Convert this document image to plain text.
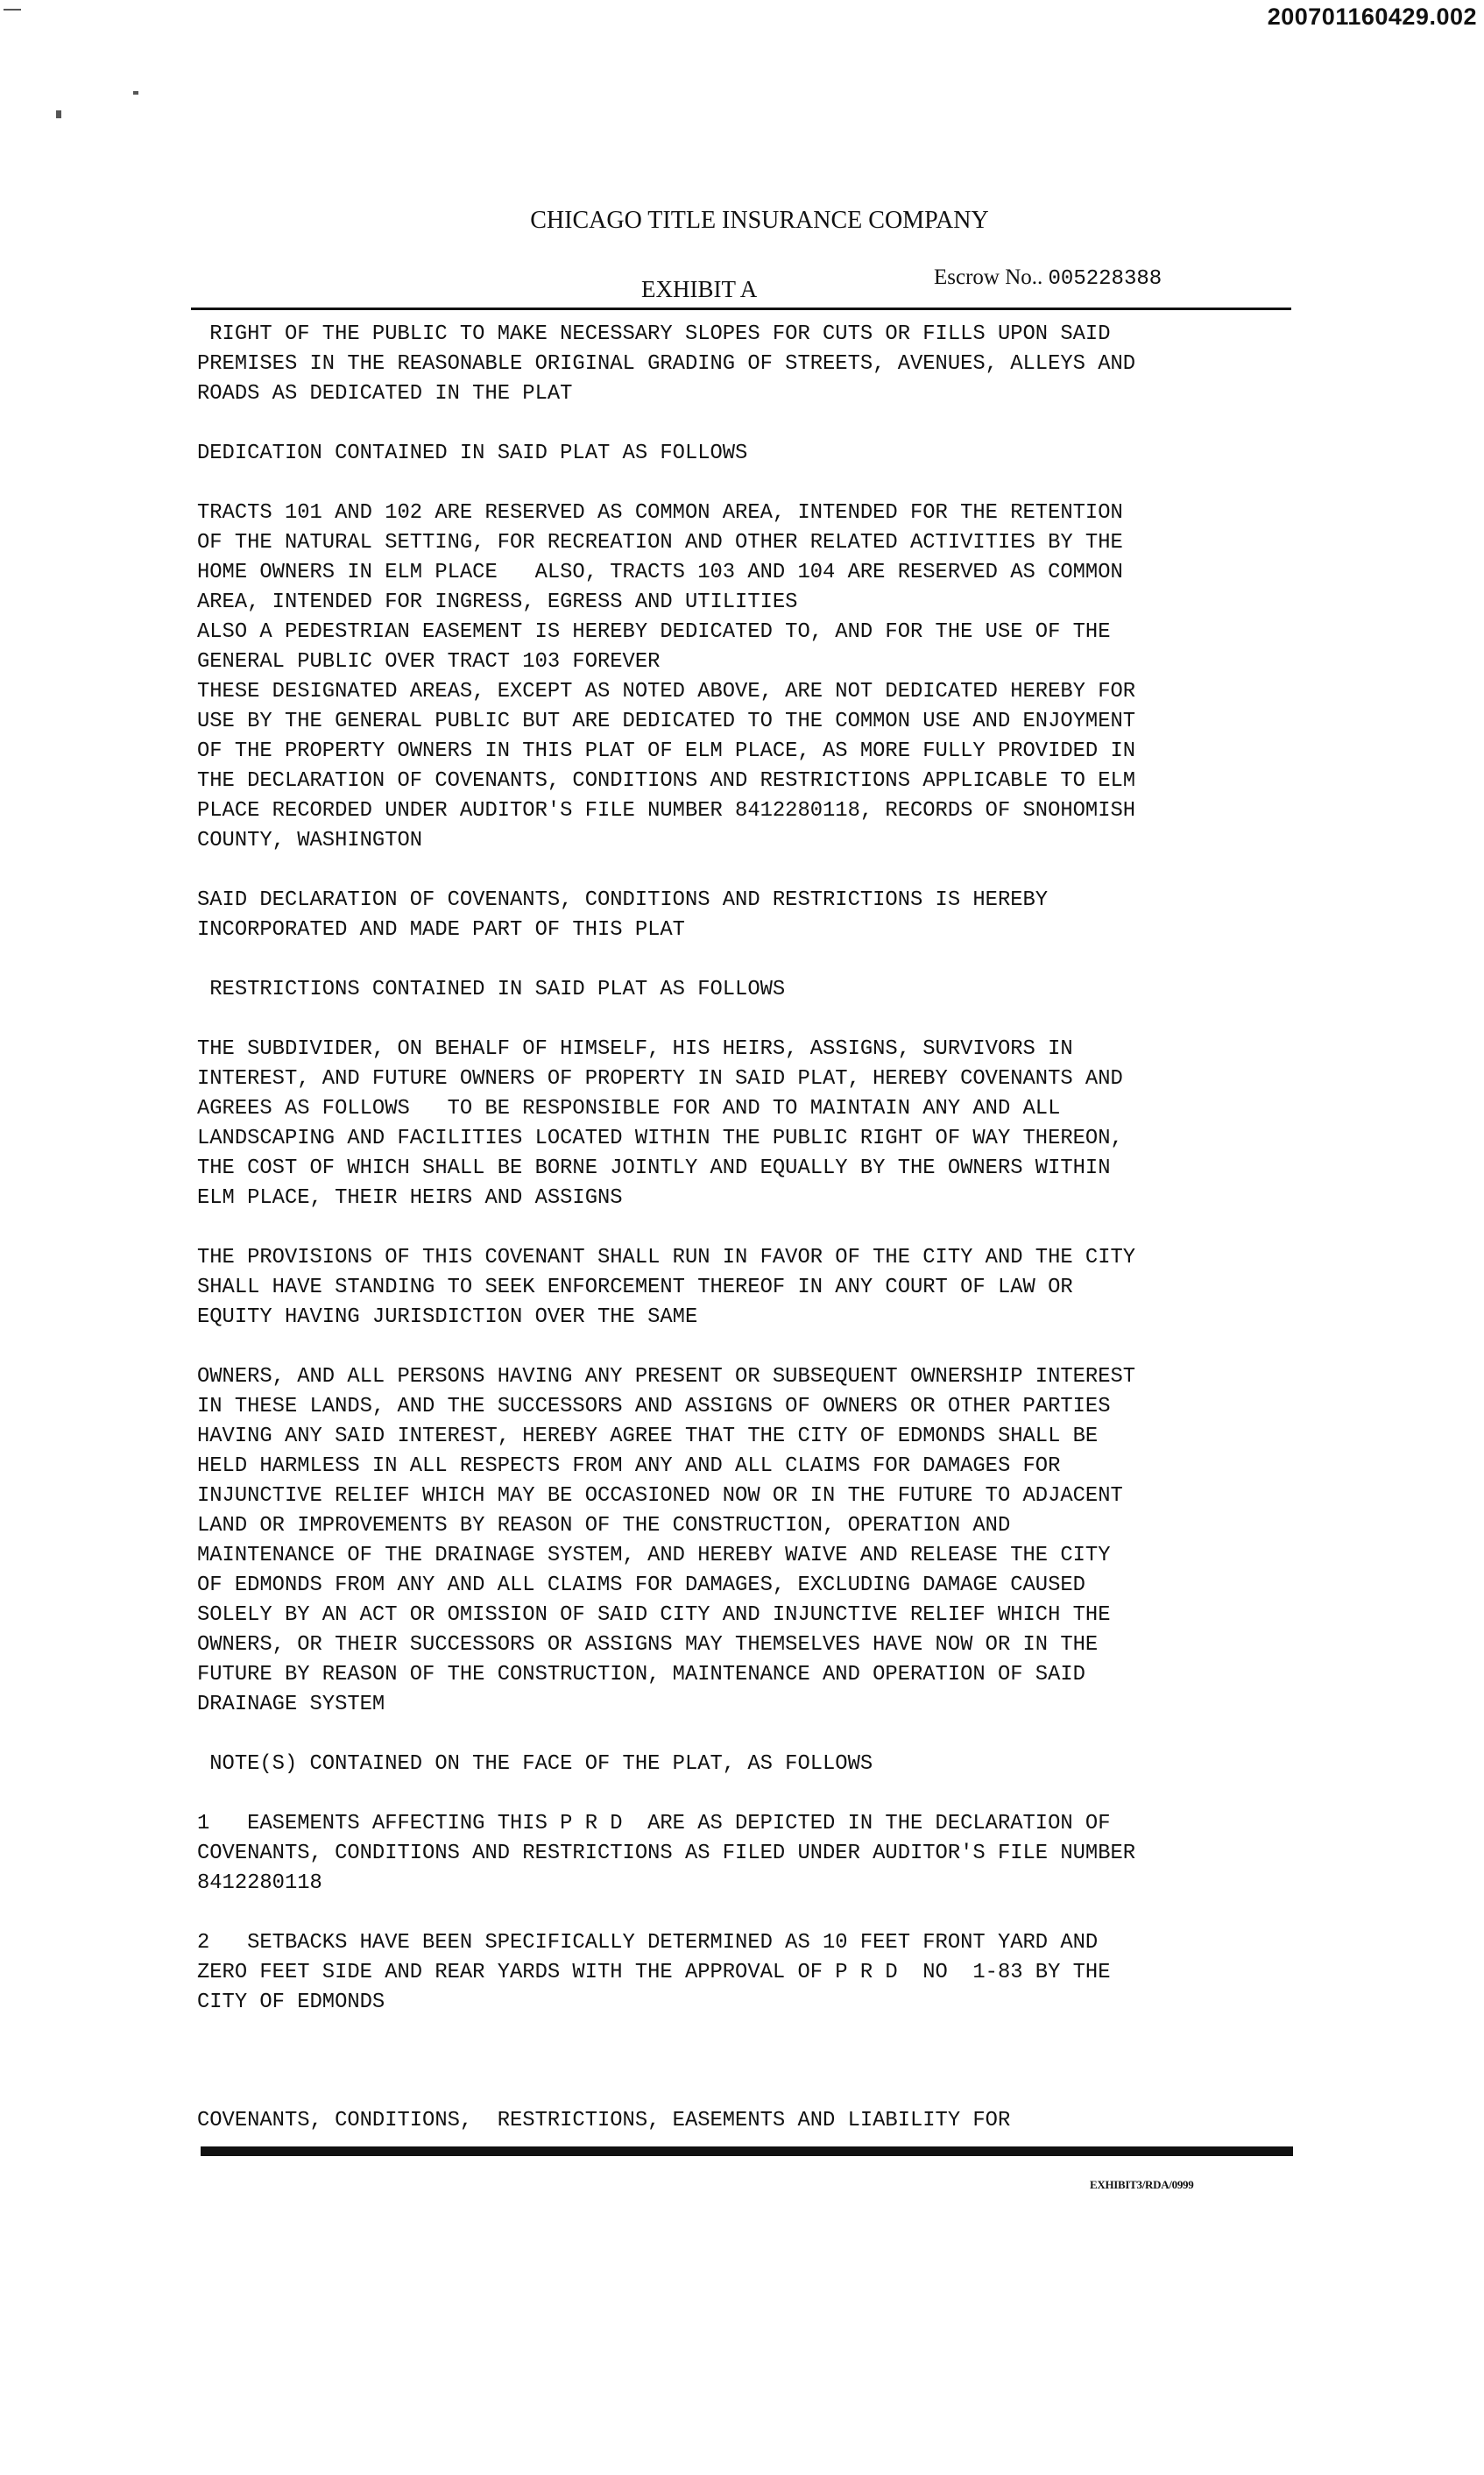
200701160429.002
CHICAGO TITLE INSURANCE COMPANY
EXHIBIT A	Escrow No.. 005228388

RIGHT OF THE PUBLIC TO MAKE NECESSARY SLOPES FOR CUTS OR FILLS UPON SAID
PREMISES IN THE REASONABLE ORIGINAL GRADING OF STREETS, AVENUES, ALLEYS AND
ROADS AS DEDICATED IN THE PLAT

DEDICATION CONTAINED IN SAID PLAT AS FOLLOWS

TRACTS 101 AND 102 ARE RESERVED AS COMMON AREA, INTENDED FOR THE RETENTION
OF THE NATURAL SETTING, FOR RECREATION AND OTHER RELATED ACTIVITIES BY THE
HOME OWNERS IN ELM PLACE   ALSO, TRACTS 103 AND 104 ARE RESERVED AS COMMON
AREA, INTENDED FOR INGRESS, EGRESS AND UTILITIES
ALSO A PEDESTRIAN EASEMENT IS HEREBY DEDICATED TO, AND FOR THE USE OF THE
GENERAL PUBLIC OVER TRACT 103 FOREVER
THESE DESIGNATED AREAS, EXCEPT AS NOTED ABOVE, ARE NOT DEDICATED HEREBY FOR
USE BY THE GENERAL PUBLIC BUT ARE DEDICATED TO THE COMMON USE AND ENJOYMENT
OF THE PROPERTY OWNERS IN THIS PLAT OF ELM PLACE, AS MORE FULLY PROVIDED IN
THE DECLARATION OF COVENANTS, CONDITIONS AND RESTRICTIONS APPLICABLE TO ELM
PLACE RECORDED UNDER AUDITOR'S FILE NUMBER 8412280118, RECORDS OF SNOHOMISH
COUNTY, WASHINGTON

SAID DECLARATION OF COVENANTS, CONDITIONS AND RESTRICTIONS IS HEREBY
INCORPORATED AND MADE PART OF THIS PLAT

RESTRICTIONS CONTAINED IN SAID PLAT AS FOLLOWS

THE SUBDIVIDER, ON BEHALF OF HIMSELF, HIS HEIRS, ASSIGNS, SURVIVORS IN
INTEREST, AND FUTURE OWNERS OF PROPERTY IN SAID PLAT, HEREBY COVENANTS AND
AGREES AS FOLLOWS   TO BE RESPONSIBLE FOR AND TO MAINTAIN ANY AND ALL
LANDSCAPING AND FACILITIES LOCATED WITHIN THE PUBLIC RIGHT OF WAY THEREON,
THE COST OF WHICH SHALL BE BORNE JOINTLY AND EQUALLY BY THE OWNERS WITHIN
ELM PLACE, THEIR HEIRS AND ASSIGNS

THE PROVISIONS OF THIS COVENANT SHALL RUN IN FAVOR OF THE CITY AND THE CITY
SHALL HAVE STANDING TO SEEK ENFORCEMENT THEREOF IN ANY COURT OF LAW OR
EQUITY HAVING JURISDICTION OVER THE SAME

OWNERS, AND ALL PERSONS HAVING ANY PRESENT OR SUBSEQUENT OWNERSHIP INTEREST
IN THESE LANDS, AND THE SUCCESSORS AND ASSIGNS OF OWNERS OR OTHER PARTIES
HAVING ANY SAID INTEREST, HEREBY AGREE THAT THE CITY OF EDMONDS SHALL BE
HELD HARMLESS IN ALL RESPECTS FROM ANY AND ALL CLAIMS FOR DAMAGES FOR
INJUNCTIVE RELIEF WHICH MAY BE OCCASIONED NOW OR IN THE FUTURE TO ADJACENT
LAND OR IMPROVEMENTS BY REASON OF THE CONSTRUCTION, OPERATION AND
MAINTENANCE OF THE DRAINAGE SYSTEM, AND HEREBY WAIVE AND RELEASE THE CITY
OF EDMONDS FROM ANY AND ALL CLAIMS FOR DAMAGES, EXCLUDING DAMAGE CAUSED
SOLELY BY AN ACT OR OMISSION OF SAID CITY AND INJUNCTIVE RELIEF WHICH THE
OWNERS, OR THEIR SUCCESSORS OR ASSIGNS MAY THEMSELVES HAVE NOW OR IN THE
FUTURE BY REASON OF THE CONSTRUCTION, MAINTENANCE AND OPERATION OF SAID
DRAINAGE SYSTEM

NOTE(S) CONTAINED ON THE FACE OF THE PLAT, AS FOLLOWS

1   EASEMENTS AFFECTING THIS P R D  ARE AS DEPICTED IN THE DECLARATION OF
COVENANTS, CONDITIONS AND RESTRICTIONS AS FILED UNDER AUDITOR'S FILE NUMBER
8412280118

2   SETBACKS HAVE BEEN SPECIFICALLY DETERMINED AS 10 FEET FRONT YARD AND
ZERO FEET SIDE AND REAR YARDS WITH THE APPROVAL OF P R D  NO  1-83 BY THE
CITY OF EDMONDS

COVENANTS, CONDITIONS,  RESTRICTIONS, EASEMENTS AND LIABILITY FOR

EXHIBIT3/RDA/0999
